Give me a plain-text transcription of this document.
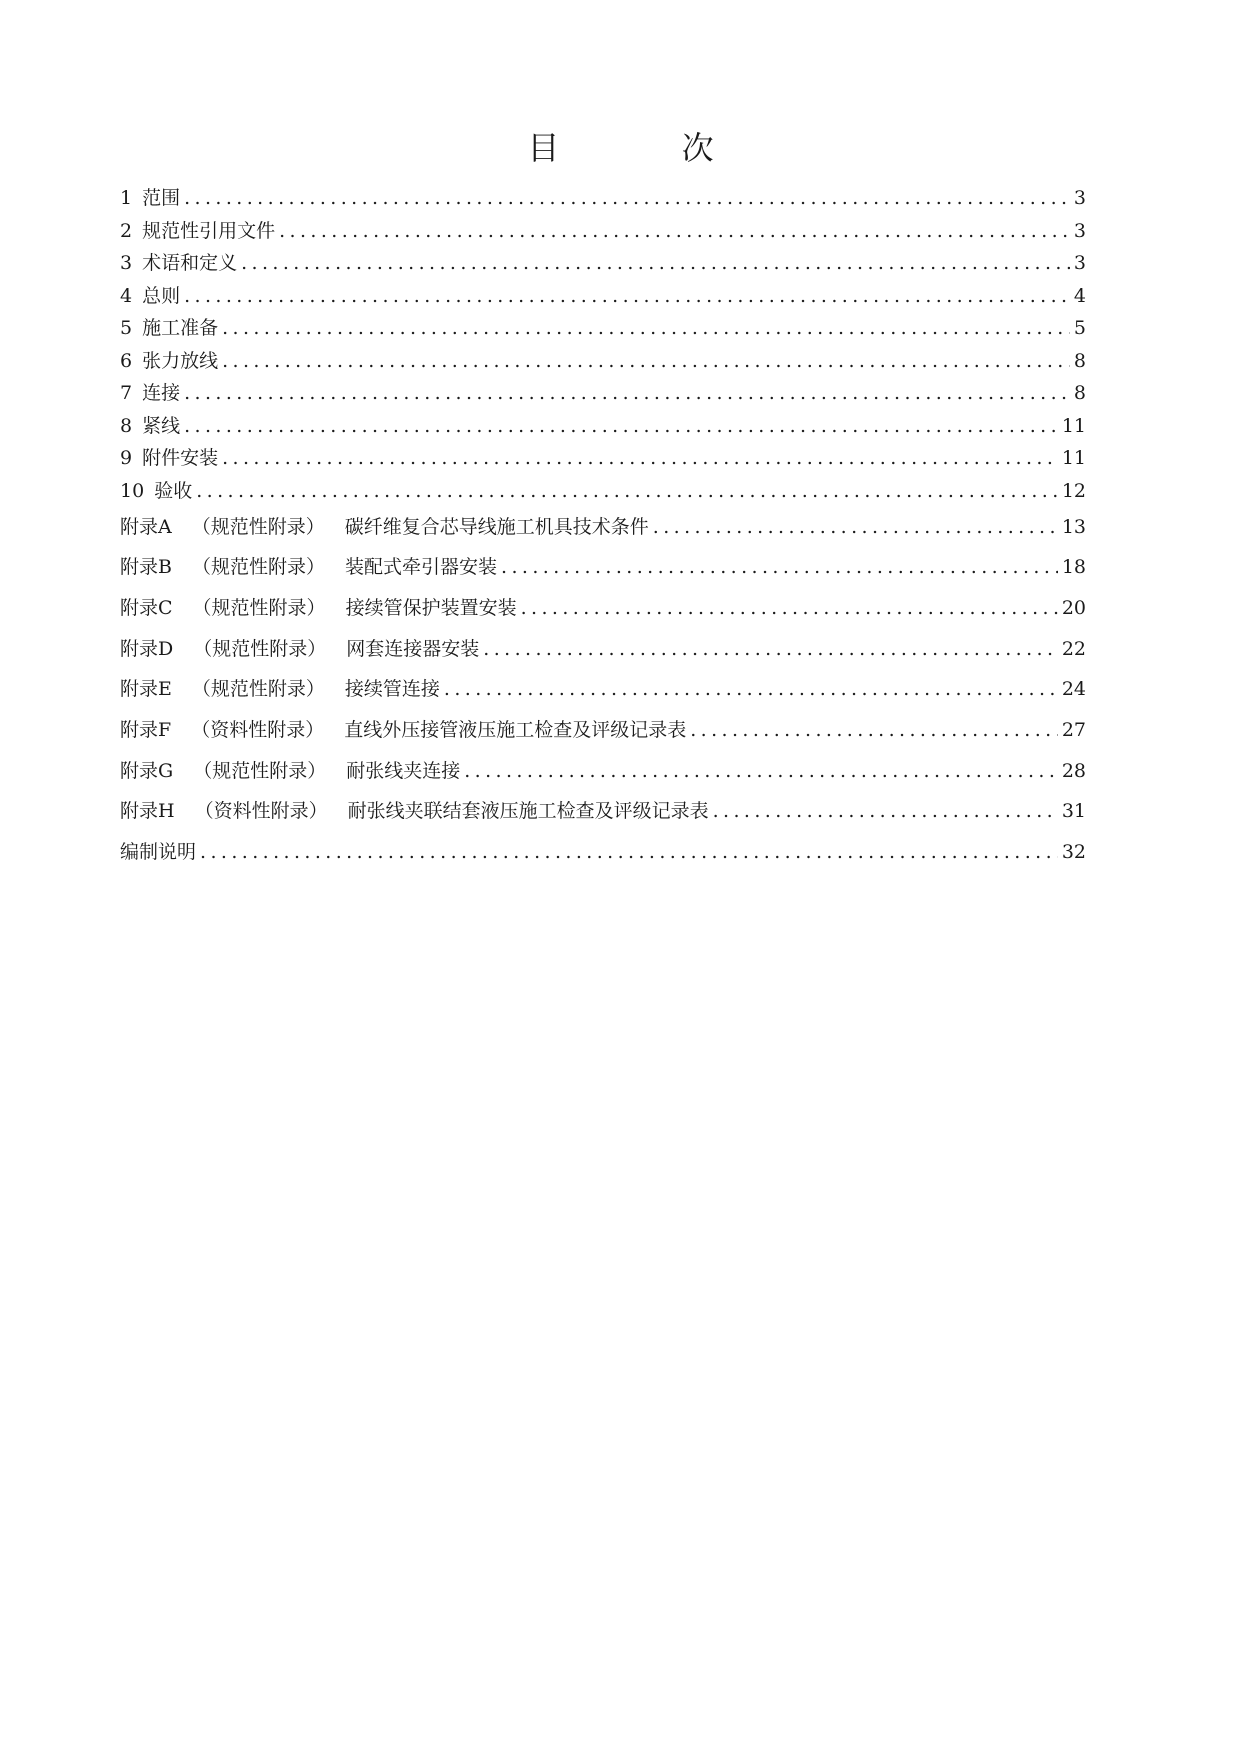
目 次
1 范围 .....	3
2 规范性引用文件 .....	3
3 术语和定义 .....	3
4 总则 .....	4
5 施工准备 .....	5
6 张力放线 .....	8
7 连接 .....	8
8 紧线 .....	11
9 附件安装 .....	11
10 验收 .....	12
附录A （规范性附录） 碳纤维复合芯导线施工机具技术条件 .....	13
附录B （规范性附录） 装配式牵引器安装 .....	18
附录C （规范性附录） 接续管保护装置安装 .....	20
附录D （规范性附录） 网套连接器安装 .....	22
附录E （规范性附录） 接续管连接 .....	24
附录F （资料性附录） 直线外压接管液压施工检查及评级记录表 .....	27
附录G （规范性附录） 耐张线夹连接 .....	28
附录H （资料性附录） 耐张线夹联结套液压施工检查及评级记录表 .....	31
编制说明 .....	32
